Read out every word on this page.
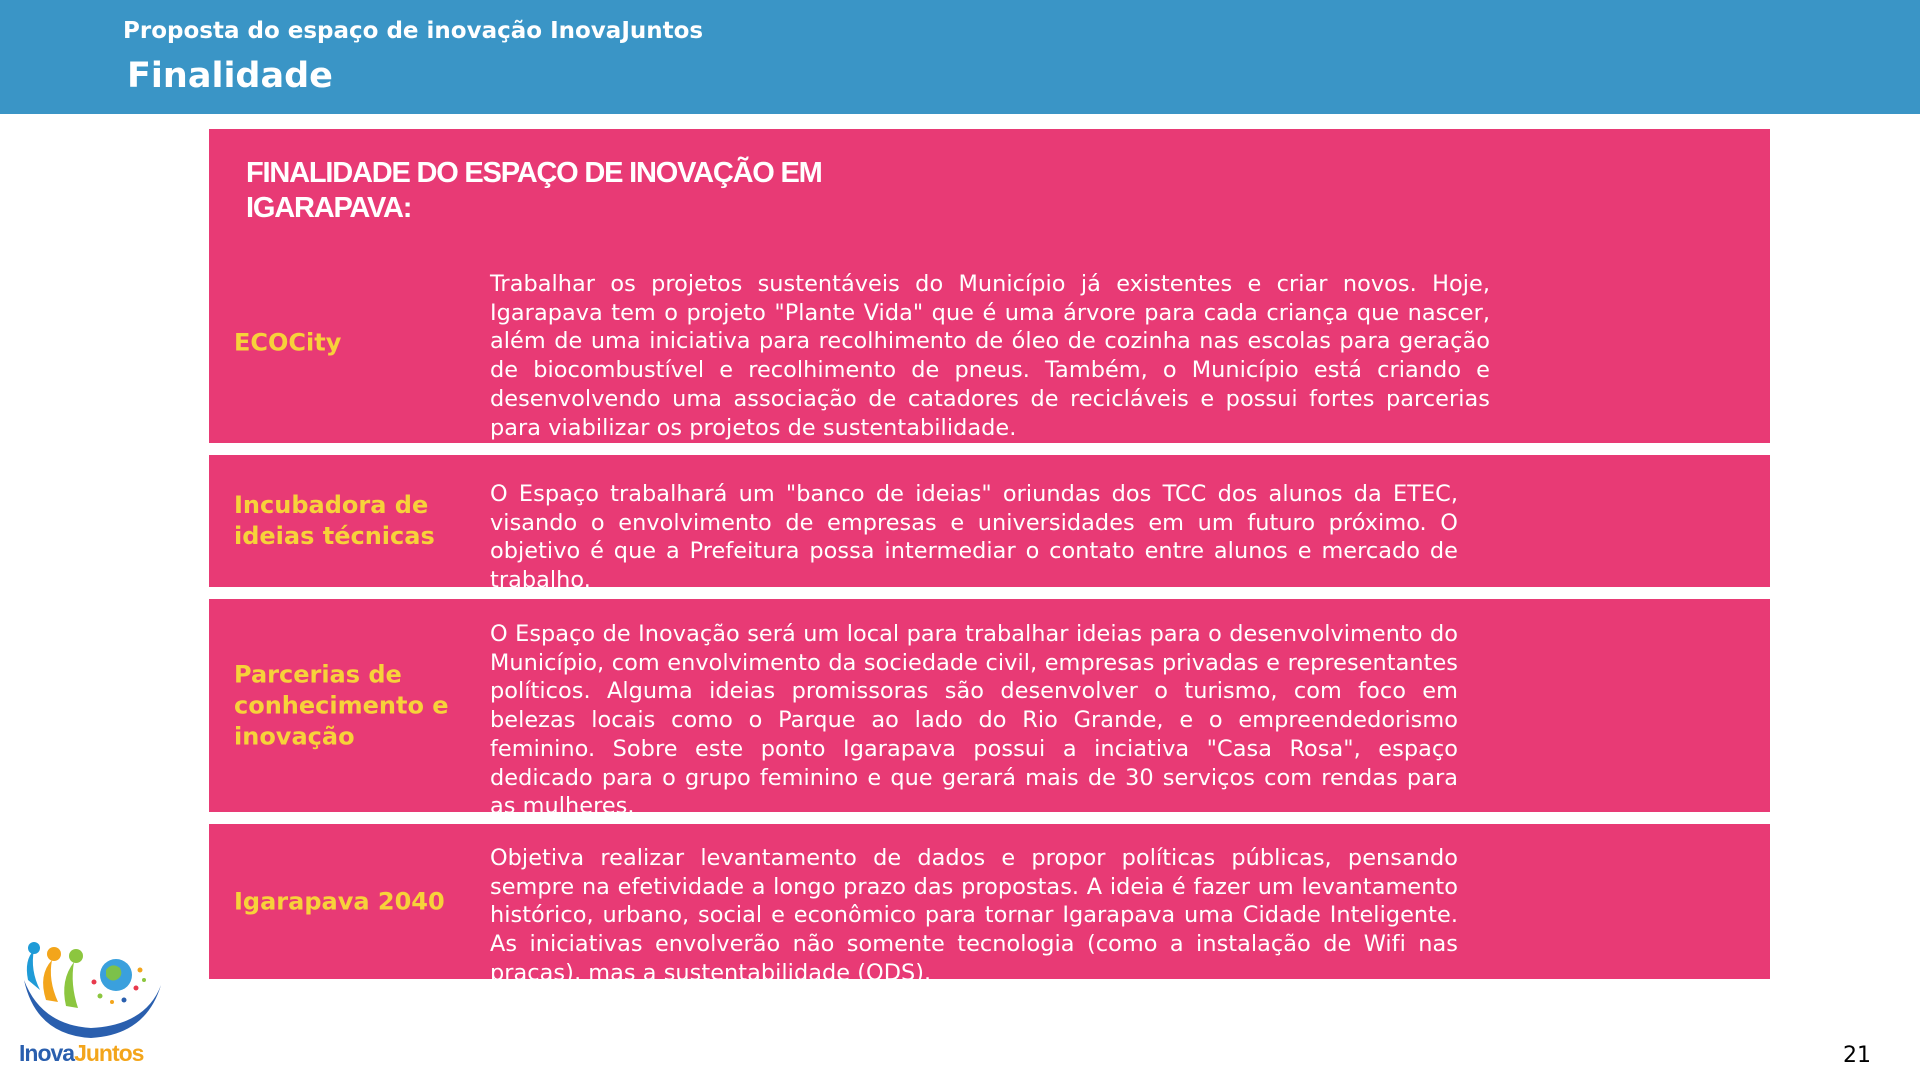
Proposta do espaço de inovação InovaJuntos
Finalidade
FINALIDADE DO ESPAÇO DE INOVAÇÃO EM IGARAPAVA:
ECOCity
Trabalhar os projetos sustentáveis do Município já existentes e criar novos. Hoje, Igarapava tem o projeto "Plante Vida" que é uma árvore para cada criança que nascer, além de uma iniciativa para recolhimento de óleo de cozinha nas escolas para geração de biocombustível e recolhimento de pneus. Também, o Município está criando e desenvolvendo uma associação de catadores de recicláveis e possui fortes parcerias para viabilizar os projetos de sustentabilidade.
Incubadora de ideias técnicas
O Espaço trabalhará um "banco de ideias" oriundas dos TCC dos alunos da ETEC, visando o envolvimento de empresas e universidades em um futuro próximo. O objetivo é que a Prefeitura possa intermediar o contato entre alunos e mercado de trabalho.
Parcerias de conhecimento e inovação
O Espaço de Inovação será um local para trabalhar ideias para o desenvolvimento do Município, com envolvimento da sociedade civil, empresas privadas e representantes políticos. Alguma ideias promissoras são desenvolver o turismo, com foco em belezas locais como o Parque ao lado do Rio Grande, e o empreendedorismo feminino. Sobre este ponto Igarapava possui a inciativa "Casa Rosa", espaço dedicado para o grupo feminino e que gerará mais de 30 serviços com rendas para as mulheres.
Igarapava 2040
Objetiva realizar levantamento de dados e propor políticas públicas, pensando sempre na efetividade a longo prazo das propostas. A ideia é fazer um levantamento histórico, urbano, social e econômico para tornar Igarapava uma Cidade Inteligente. As iniciativas envolverão não somente tecnologia (como a instalação de Wifi nas praças), mas a sustentabilidade (ODS).
InovaJuntos	21
